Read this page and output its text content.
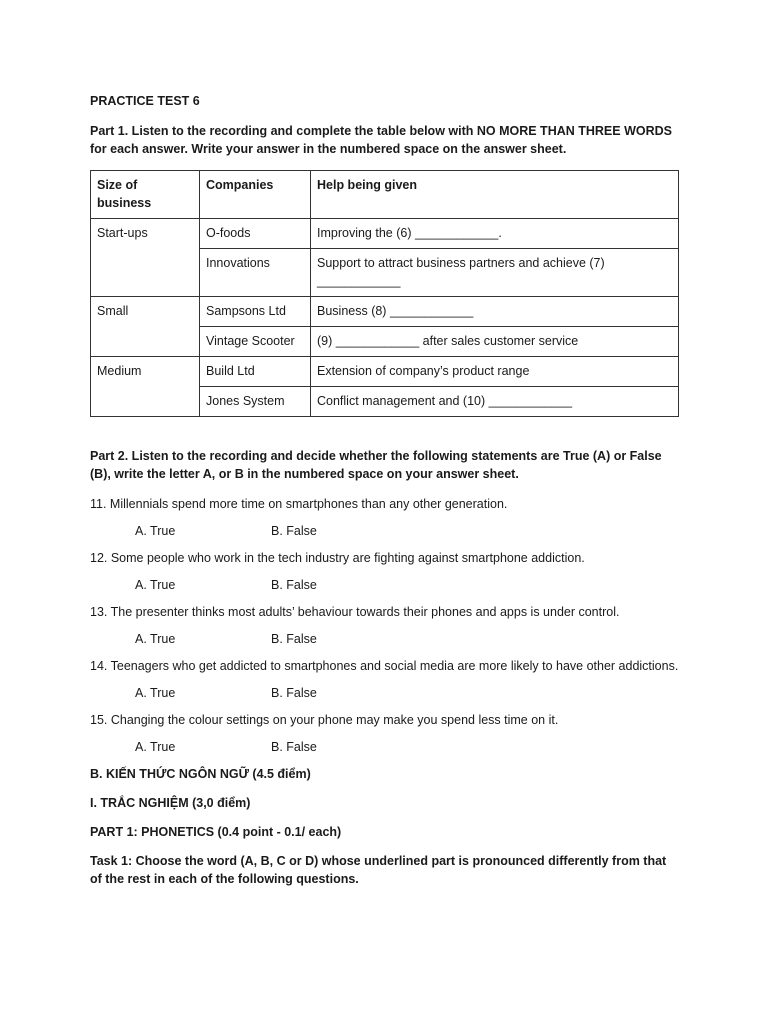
PRACTICE TEST 6

Part 1. Listen to the recording and complete the table below with NO MORE THAN THREE WORDS for each answer. Write your answer in the numbered space on the answer sheet.

Size of business	Companies	Help being given
Start-ups	O-foods	Improving the (6) ____________.
	Innovations	Support to attract business partners and achieve (7) ____________
Small	Sampsons Ltd	Business (8) ____________
	Vintage Scooter	(9) ____________ after sales customer service
Medium	Build Ltd	Extension of company’s product range
	Jones System	Conflict management and (10) ____________

Part 2. Listen to the recording and decide whether the following statements are True (A) or False (B), write the letter A, or B in the numbered space on your answer sheet.

11. Millennials spend more time on smartphones than any other generation.

A. True	B. False

12. Some people who work in the tech industry are fighting against smartphone addiction.

A. True	B. False

13. The presenter thinks most adults’ behaviour towards their phones and apps is under control.

A. True	B. False

14. Teenagers who get addicted to smartphones and social media are more likely to have other addictions.

A. True	B. False

15. Changing the colour settings on your phone may make you spend less time on it.

A. True	B. False

B. KIẾN THỨC NGÔN NGỮ (4.5 điểm)

I. TRẮC NGHIỆM (3,0 điểm)

PART 1: PHONETICS (0.4 point - 0.1/ each)

Task 1: Choose the word (A, B, C or D) whose underlined part is pronounced differently from that of the rest in each of the following questions.
